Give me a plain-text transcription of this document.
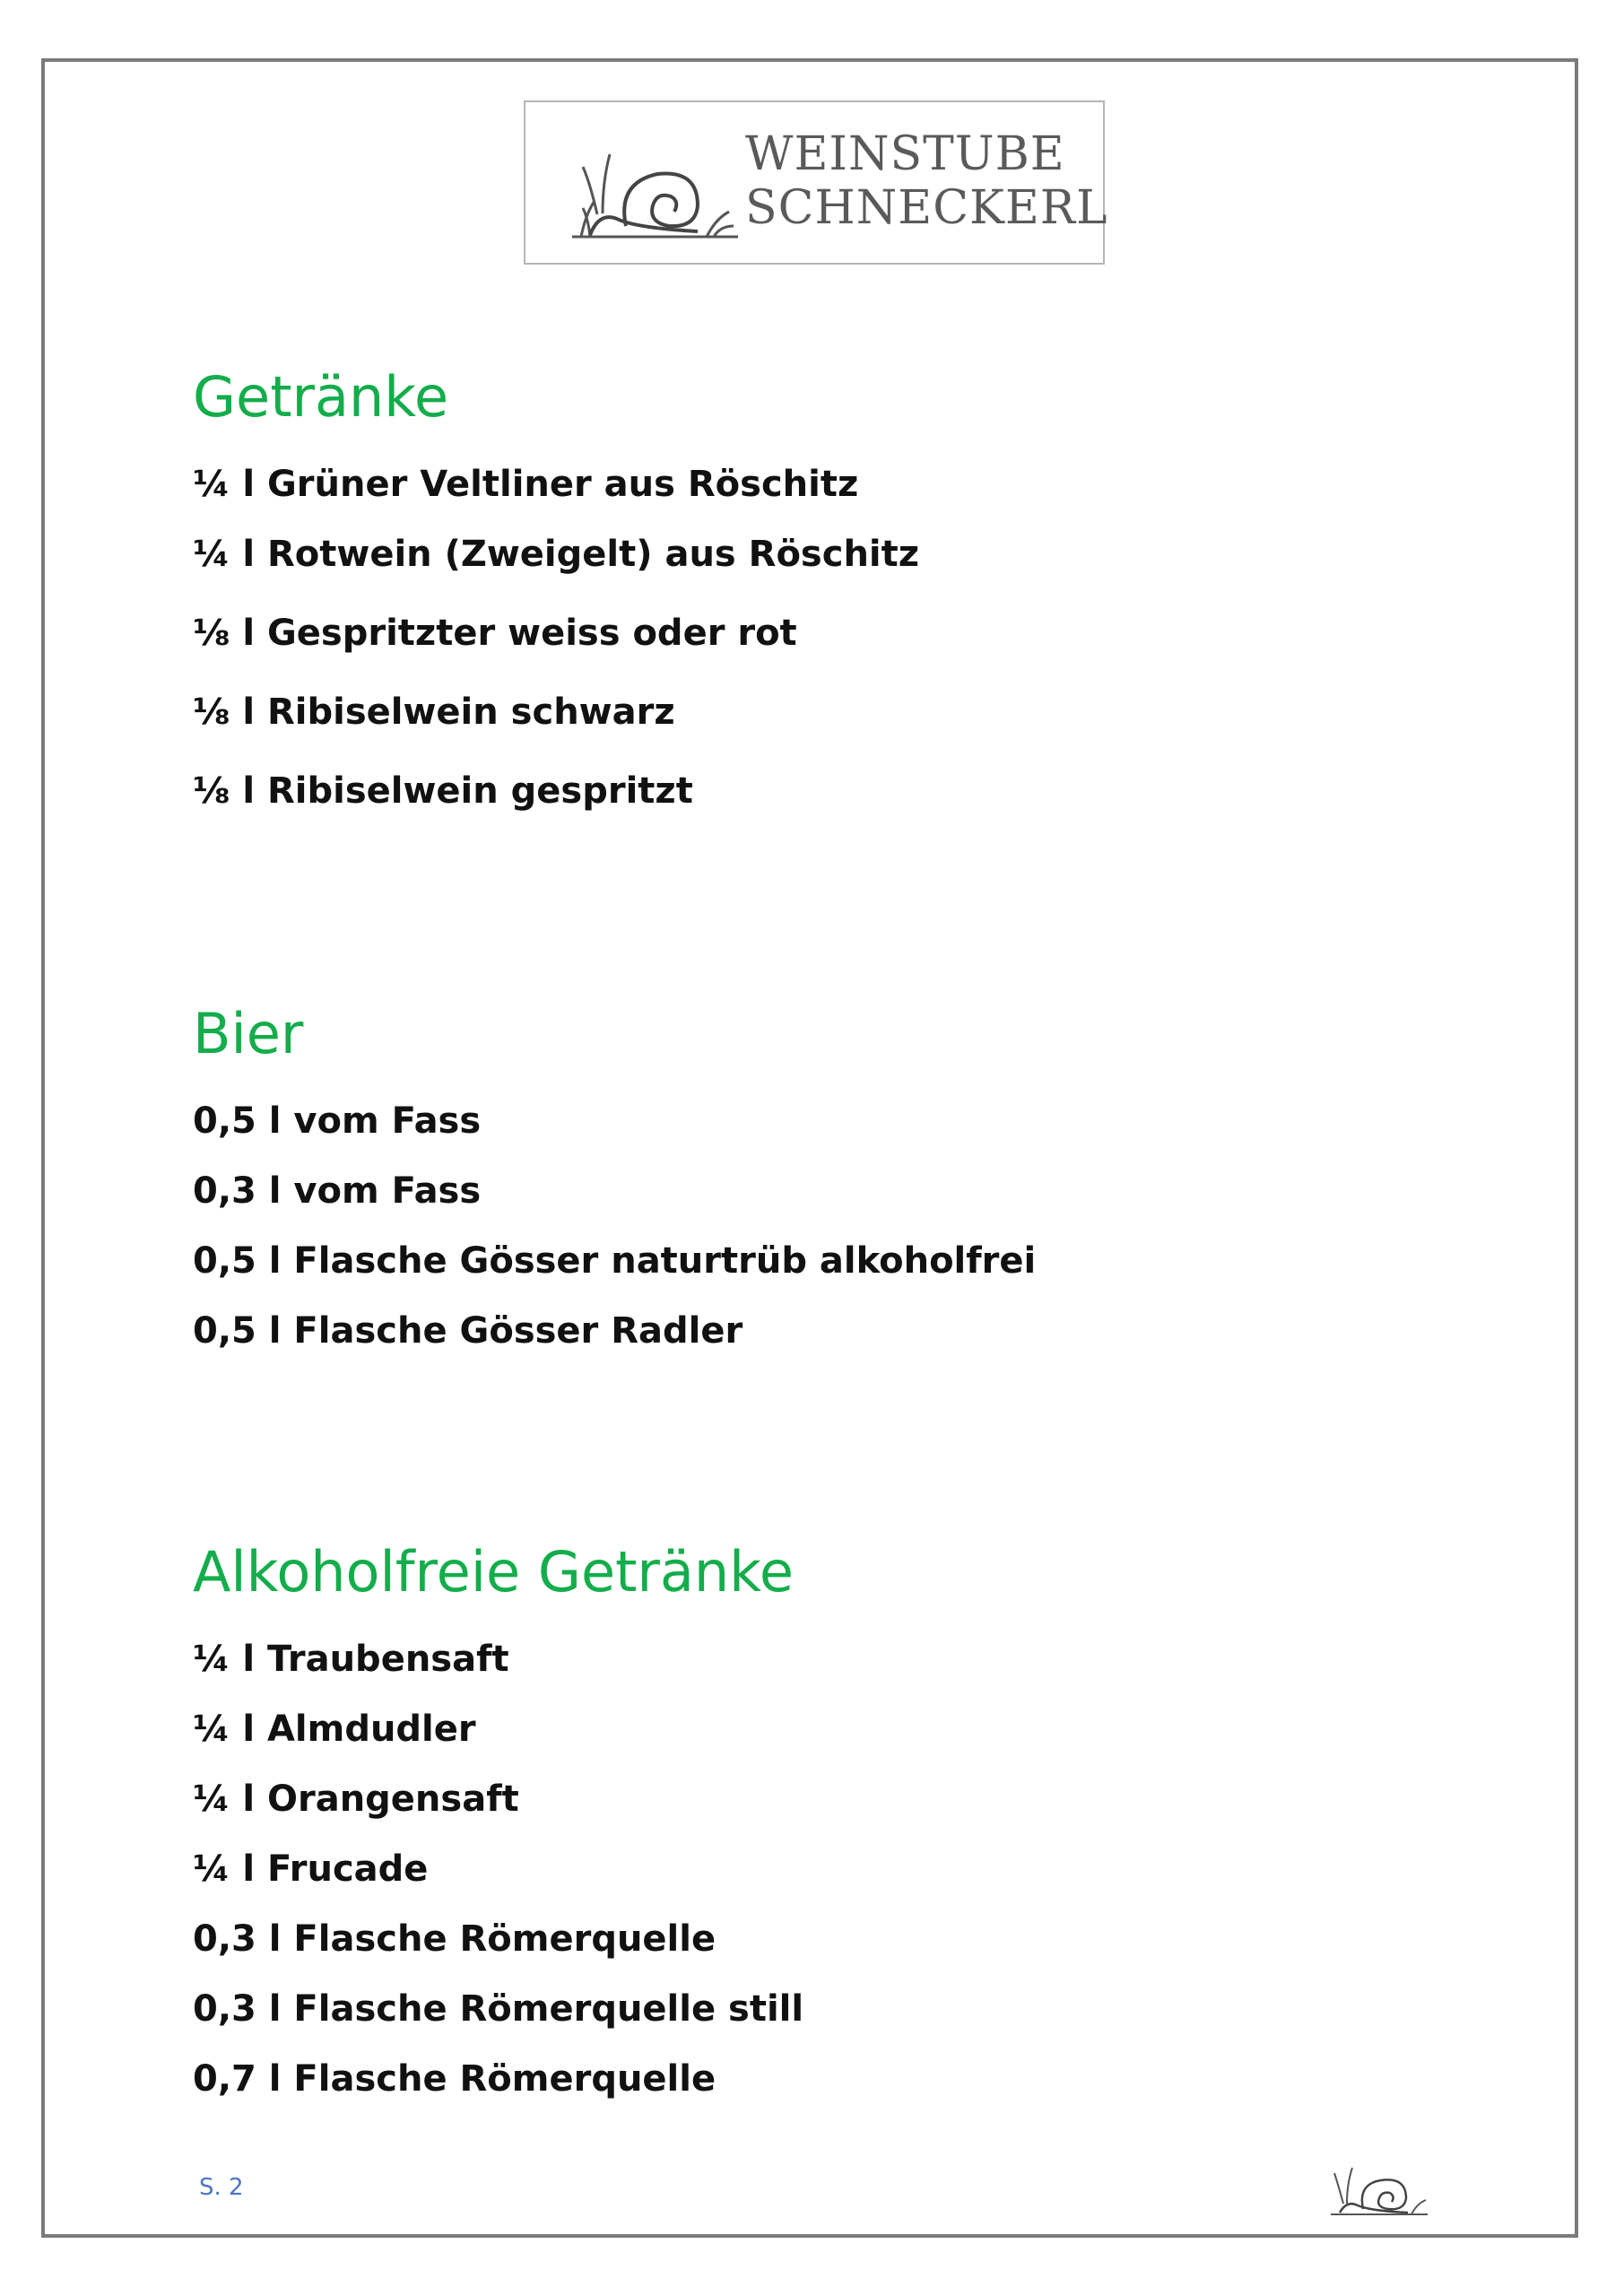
WEINSTUBE
SCHNECKERL
Getränke
¼ l Grüner Veltliner aus Röschitz
¼ l Rotwein (Zweigelt) aus Röschitz
⅛ l Gespritzter weiss oder rot
⅛ l Ribiselwein schwarz
⅛ l Ribiselwein gespritzt
Bier
0,5 l vom Fass
0,3 l vom Fass
0,5 l Flasche Gösser naturtrüb alkoholfrei
0,5 l Flasche Gösser Radler
Alkoholfreie Getränke
¼ l Traubensaft
¼ l Almdudler
¼ l Orangensaft
¼ l Frucade
0,3 l Flasche Römerquelle
0,3 l Flasche Römerquelle still
0,7 l Flasche Römerquelle
S. 2
